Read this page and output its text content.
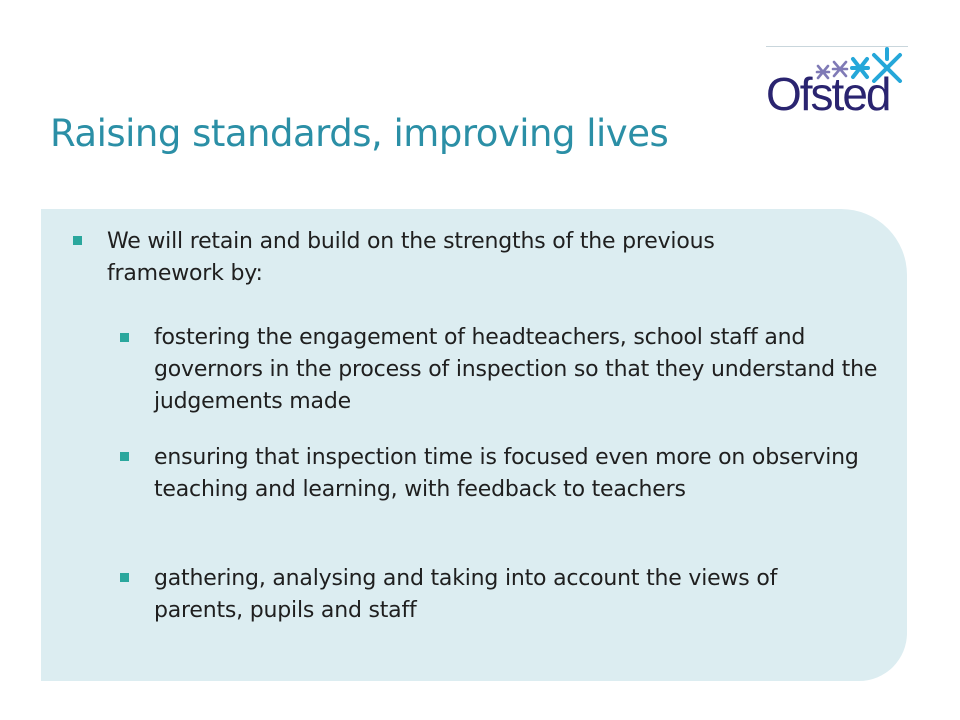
Ofsted
Raising standards, improving lives
We will retain and build on the strengths of the previous framework by:
fostering the engagement of headteachers, school staff and governors in the process of inspection so that they understand the judgements made
ensuring that inspection time is focused even more on observing teaching and learning, with feedback to teachers
gathering, analysing and taking into account the views of parents, pupils and staff
